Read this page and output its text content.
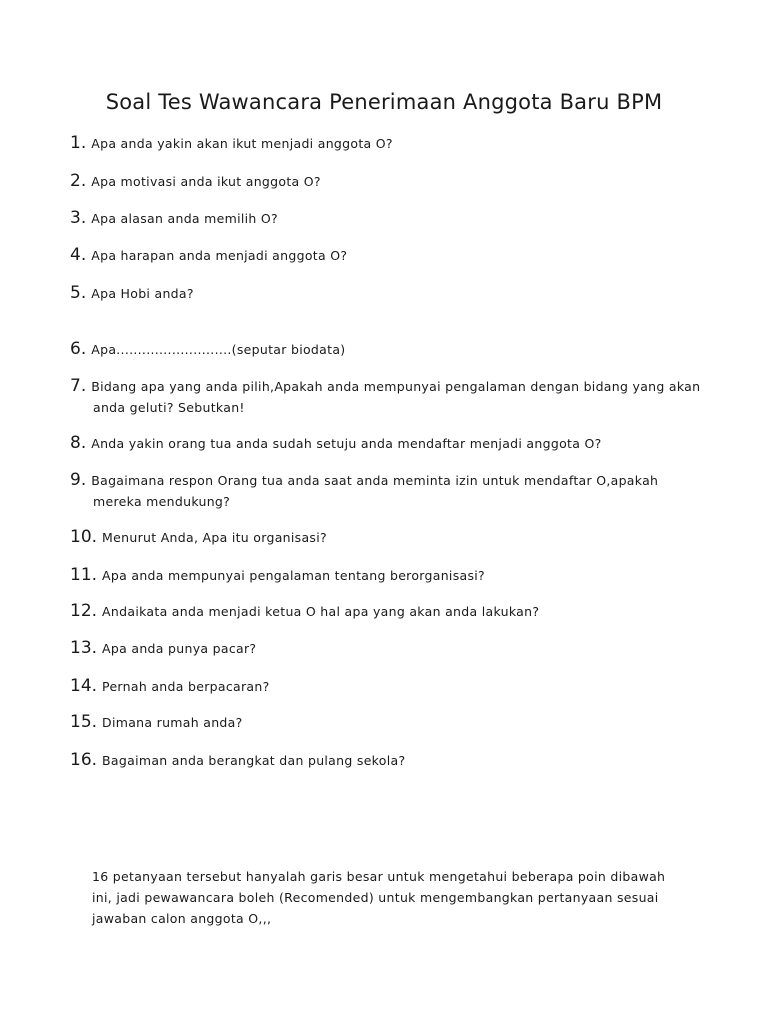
Soal Tes Wawancara Penerimaan Anggota Baru BPM
1. Apa anda yakin akan ikut menjadi anggota O?
2. Apa motivasi anda ikut anggota O?
3. Apa alasan anda memilih O?
4. Apa harapan anda menjadi anggota O?
5. Apa Hobi anda?
6. Apa...........................(seputar biodata)
7. Bidang apa yang anda pilih,Apakah anda mempunyai pengalaman dengan bidang yang akan
anda geluti? Sebutkan!
8. Anda yakin orang tua anda sudah setuju anda mendaftar menjadi anggota O?
9. Bagaimana respon Orang tua anda saat anda meminta izin untuk mendaftar O,apakah
mereka mendukung?
10. Menurut Anda, Apa itu organisasi?
11. Apa anda mempunyai pengalaman tentang berorganisasi?
12. Andaikata anda menjadi ketua O hal apa yang akan anda lakukan?
13. Apa anda punya pacar?
14. Pernah anda berpacaran?
15. Dimana rumah anda?
16. Bagaiman anda berangkat dan pulang sekola?

16 petanyaan tersebut hanyalah garis besar untuk mengetahui beberapa poin dibawah ini, jadi pewawancara boleh (Recomended) untuk mengembangkan pertanyaan sesuai jawaban calon anggota O,,,
